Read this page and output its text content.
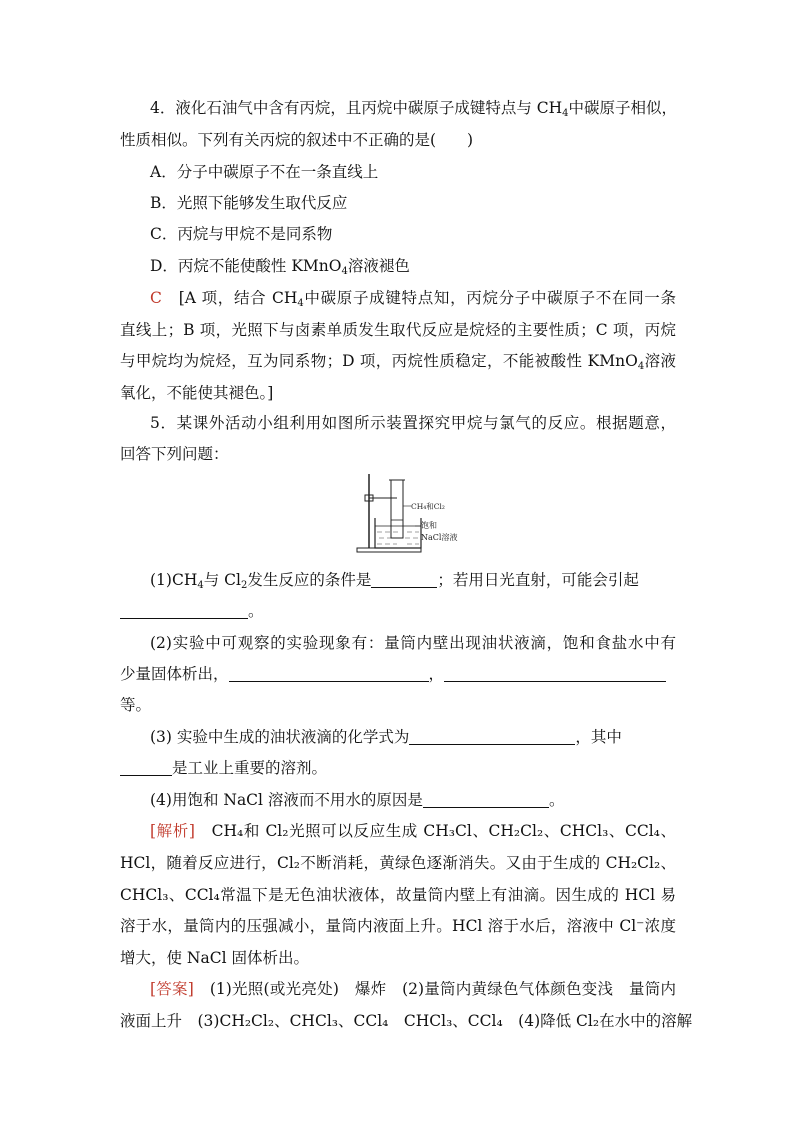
4．液化石油气中含有丙烷，且丙烷中碳原子成键特点与 $CH_4$中碳原子相似，
性质相似。下列有关丙烷的叙述中不正确的是(　　)
A．分子中碳原子不在一条直线上
B．光照下能够发生取代反应
C．丙烷与甲烷不是同系物
D．丙烷不能使酸性 KMnO$_4$溶液褪色
C　 [A 项，结合 $CH_4$中碳原子成键特点知，丙烷分子中碳原子不在同一条
直线上；B 项，光照下与卤素单质发生取代反应是烷烃的主要性质；C 项，丙烷
与甲烷均为烷烃，互为同系物；D 项，丙烷性质稳定，不能被酸性 KMnO$_4$溶液
氧化，不能使其褪色。]
5．某课外活动小组利用如图所示装置探究甲烷与氯气的反应。根据题意，
回答下列问题：
CH₄和Cl₂
饱和
NaCl溶液
$(1)CH_4$与 $Cl_2$发生反应的条件是	；若用日光直射，可能会引起
。
(2)实验中可观察的实验现象有：量筒内壁出现油状液滴，饱和食盐水中有
少量固体析出，	，
等。
(3) 实验中生成的油状液滴的化学式为	，其中
是工业上重要的溶剂。
(4)用饱和 NaCl 溶液而不用水的原因是	。
[解析]　 CH₄和 Cl₂光照可以反应生成 CH₃Cl、CH₂Cl₂、CHCl₃、CCl₄、
HCl，随着反应进行，Cl₂不断消耗，黄绿色逐渐消失。又由于生成的 CH₂Cl₂、
CHCl₃、CCl₄常温下是无色油状液体，故量筒内壁上有油滴。因生成的 HCl 易
溶于水，量筒内的压强减小，量筒内液面上升。HCl 溶于水后，溶液中 Cl⁻浓度
增大，使 NaCl 固体析出。
[答案]　 (1)光照(或光亮处)　爆炸　(2)量筒内黄绿色气体颜色变浅　量筒内
液面上升　(3)CH₂Cl₂、CHCl₃、CCl₄　CHCl₃、CCl₄　(4)降低 Cl₂在水中的溶解
